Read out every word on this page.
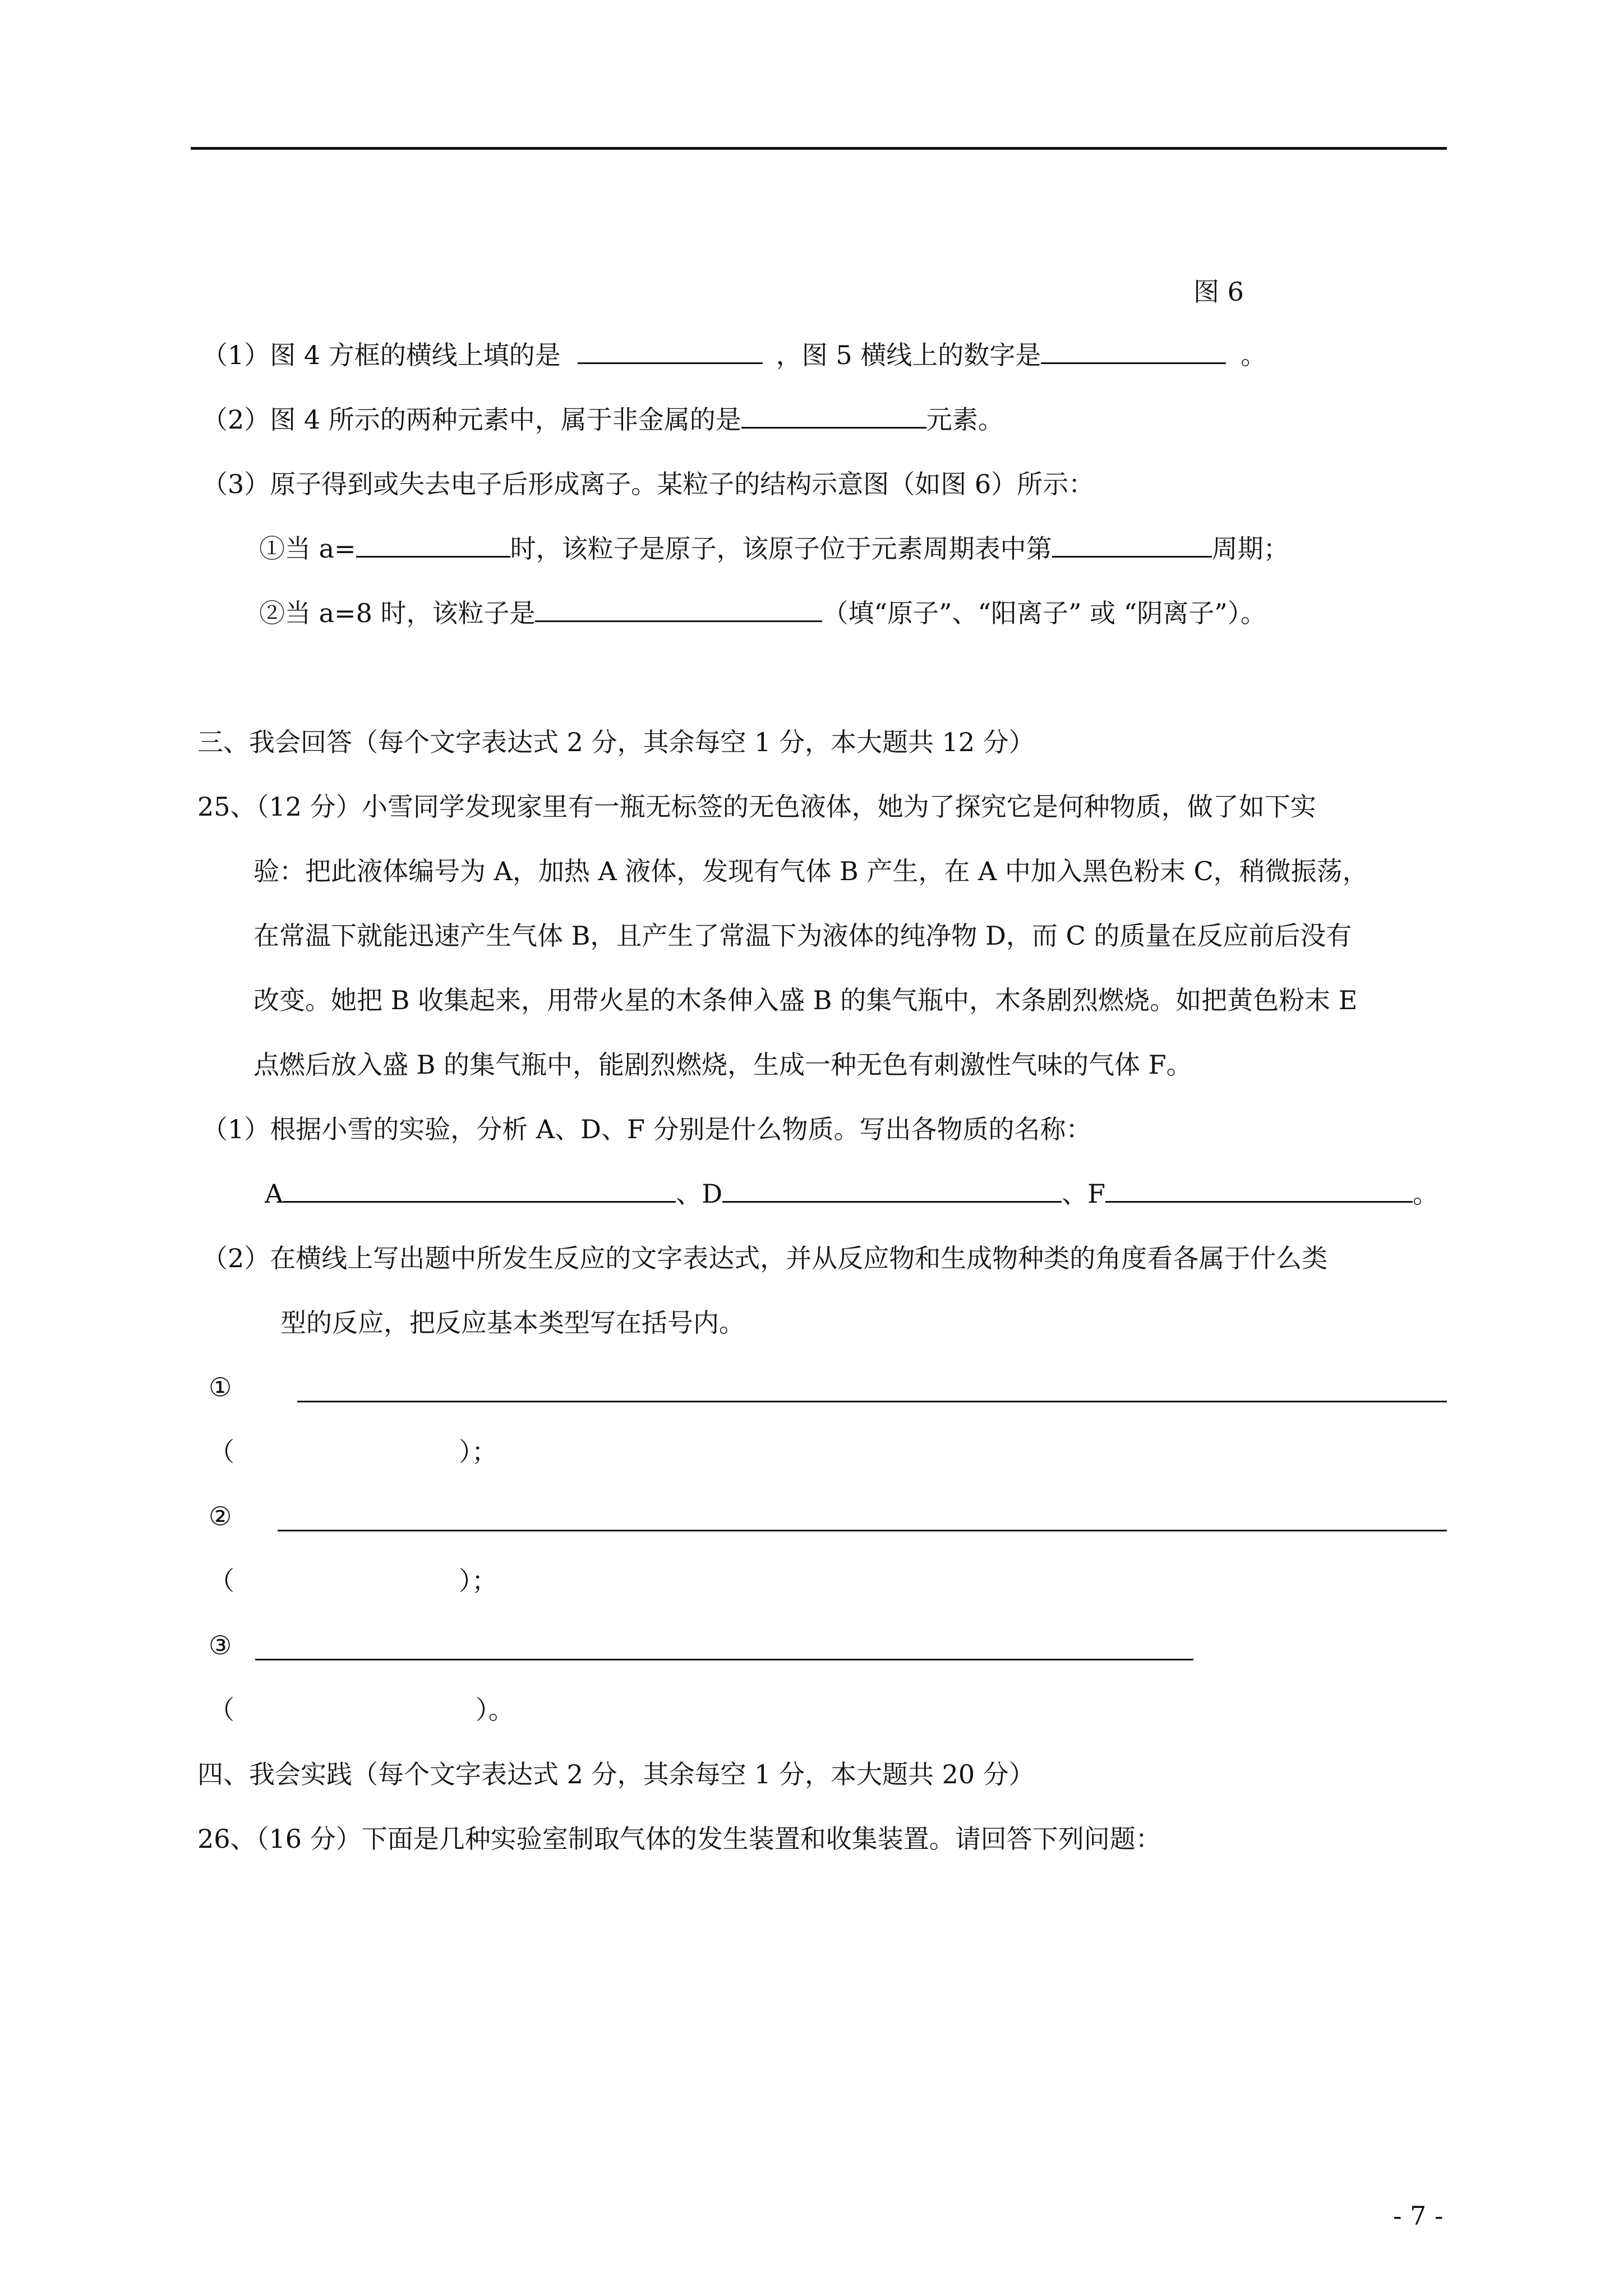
图 6
（1）图 4 方框的横线上填的是	，图 5 横线上的数字是	。
（2）图 4 所示的两种元素中，属于非金属的是	元素。
（3）原子得到或失去电子后形成离子。某粒子的结构示意图（如图 6）所示：
①当 a=	时，该粒子是原子，该原子位于元素周期表中第	周期；
②当 a=8 时，该粒子是	（填“原子”、“阳离子” 或 “阴离子”）。
三、我会回答（每个文字表达式 2 分，其余每空 1 分，本大题共 12 分）
25、（12 分）小雪同学发现家里有一瓶无标签的无色液体，她为了探究它是何种物质，做了如下实
验：把此液体编号为 A，加热 A 液体，发现有气体 B 产生，在 A 中加入黑色粉末 C，稍微振荡，
在常温下就能迅速产生气体 B，且产生了常温下为液体的纯净物 D，而 C 的质量在反应前后没有
改变。她把 B 收集起来，用带火星的木条伸入盛 B 的集气瓶中，木条剧烈燃烧。如把黄色粉末 E
点燃后放入盛 B 的集气瓶中，能剧烈燃烧，生成一种无色有刺激性气味的气体 F。
（1）根据小雪的实验，分析 A、D、F 分别是什么物质。写出各物质的名称：
A	、D	、F	。
（2）在横线上写出题中所发生反应的文字表达式，并从反应物和生成物种类的角度看各属于什么类
型的反应，把反应基本类型写在括号内。
①
（	）；
②
（	）；
③
（	）。
四、我会实践（每个文字表达式 2 分，其余每空 1 分，本大题共 20 分）
26、（16 分）下面是几种实验室制取气体的发生装置和收集装置。请回答下列问题：
- 7 -
